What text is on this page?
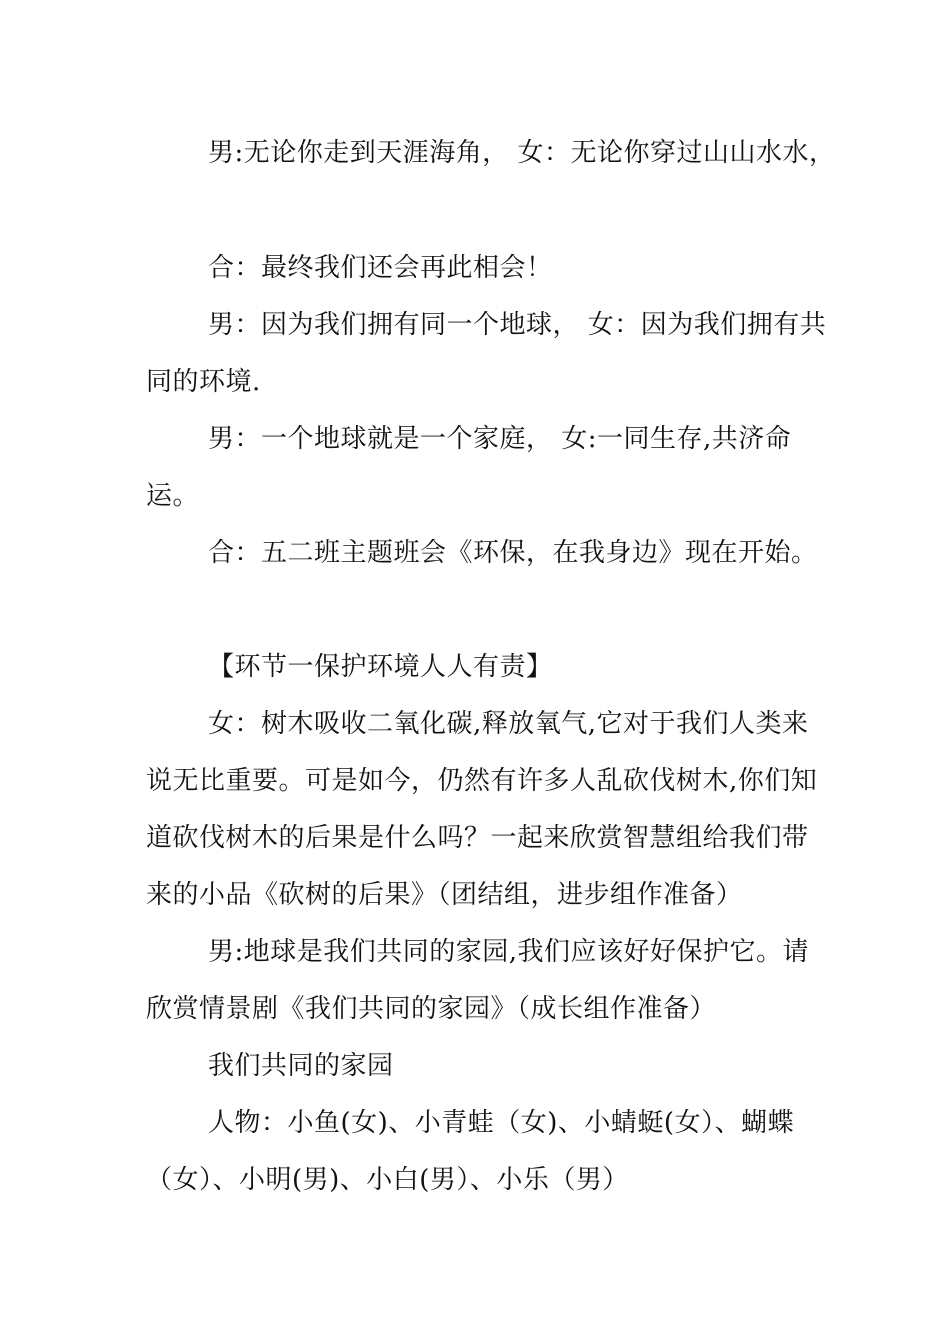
男:无论你走到天涯海角， 女：无论你穿过山山水水，
合：最终我们还会再此相会！
男：因为我们拥有同一个地球， 女：因为我们拥有共
同的环境.
男：一个地球就是一个家庭， 女:一同生存,共济命
运。
合：五二班主题班会《环保，在我身边》现在开始。
【环节一保护环境人人有责】
女：树木吸收二氧化碳,释放氧气,它对于我们人类来
说无比重要。可是如今，仍然有许多人乱砍伐树木,你们知
道砍伐树木的后果是什么吗？一起来欣赏智慧组给我们带
来的小品《砍树的后果》（团结组，进步组作准备）
男:地球是我们共同的家园,我们应该好好保护它。请
欣赏情景剧《我们共同的家园》（成长组作准备）
我们共同的家园
人物：小鱼(女)、小青蛙（女)、小蜻蜓(女）、蝴蝶
（女）、小明(男)、小白(男）、小乐（男）
